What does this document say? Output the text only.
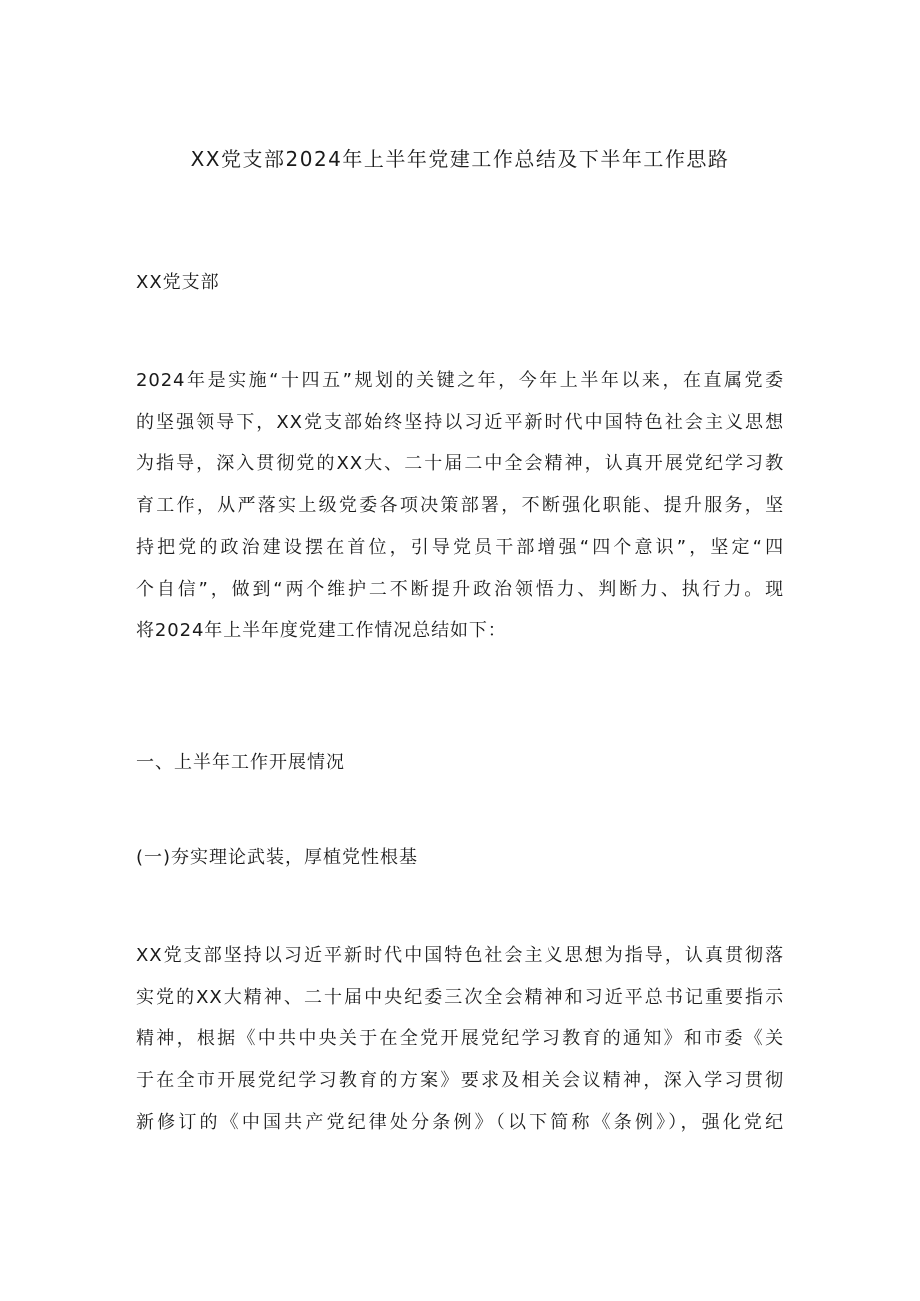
XX党支部2024年上半年党建工作总结及下半年工作思路
XX党支部
2024年是实施“十四五”规划的关键之年，今年上半年以来，在直属党委
的坚强领导下，XX党支部始终坚持以习近平新时代中国特色社会主义思想
为指导，深入贯彻党的XX大、二十届二中全会精神，认真开展党纪学习教
育工作，从严落实上级党委各项决策部署，不断强化职能、提升服务，坚
持把党的政治建设摆在首位，引导党员干部增强“四个意识”，坚定“四
个自信”，做到“两个维护二不断提升政治领悟力、判断力、执行力。现
将2024年上半年度党建工作情况总结如下：
一、上半年工作开展情况
(一)夯实理论武装，厚植党性根基
XX党支部坚持以习近平新时代中国特色社会主义思想为指导，认真贯彻落
实党的XX大精神、二十届中央纪委三次全会精神和习近平总书记重要指示
精神，根据《中共中央关于在全党开展党纪学习教育的通知》和市委《关
于在全市开展党纪学习教育的方案》要求及相关会议精神，深入学习贯彻
新修订的《中国共产党纪律处分条例》（以下简称《条例》），强化党纪
